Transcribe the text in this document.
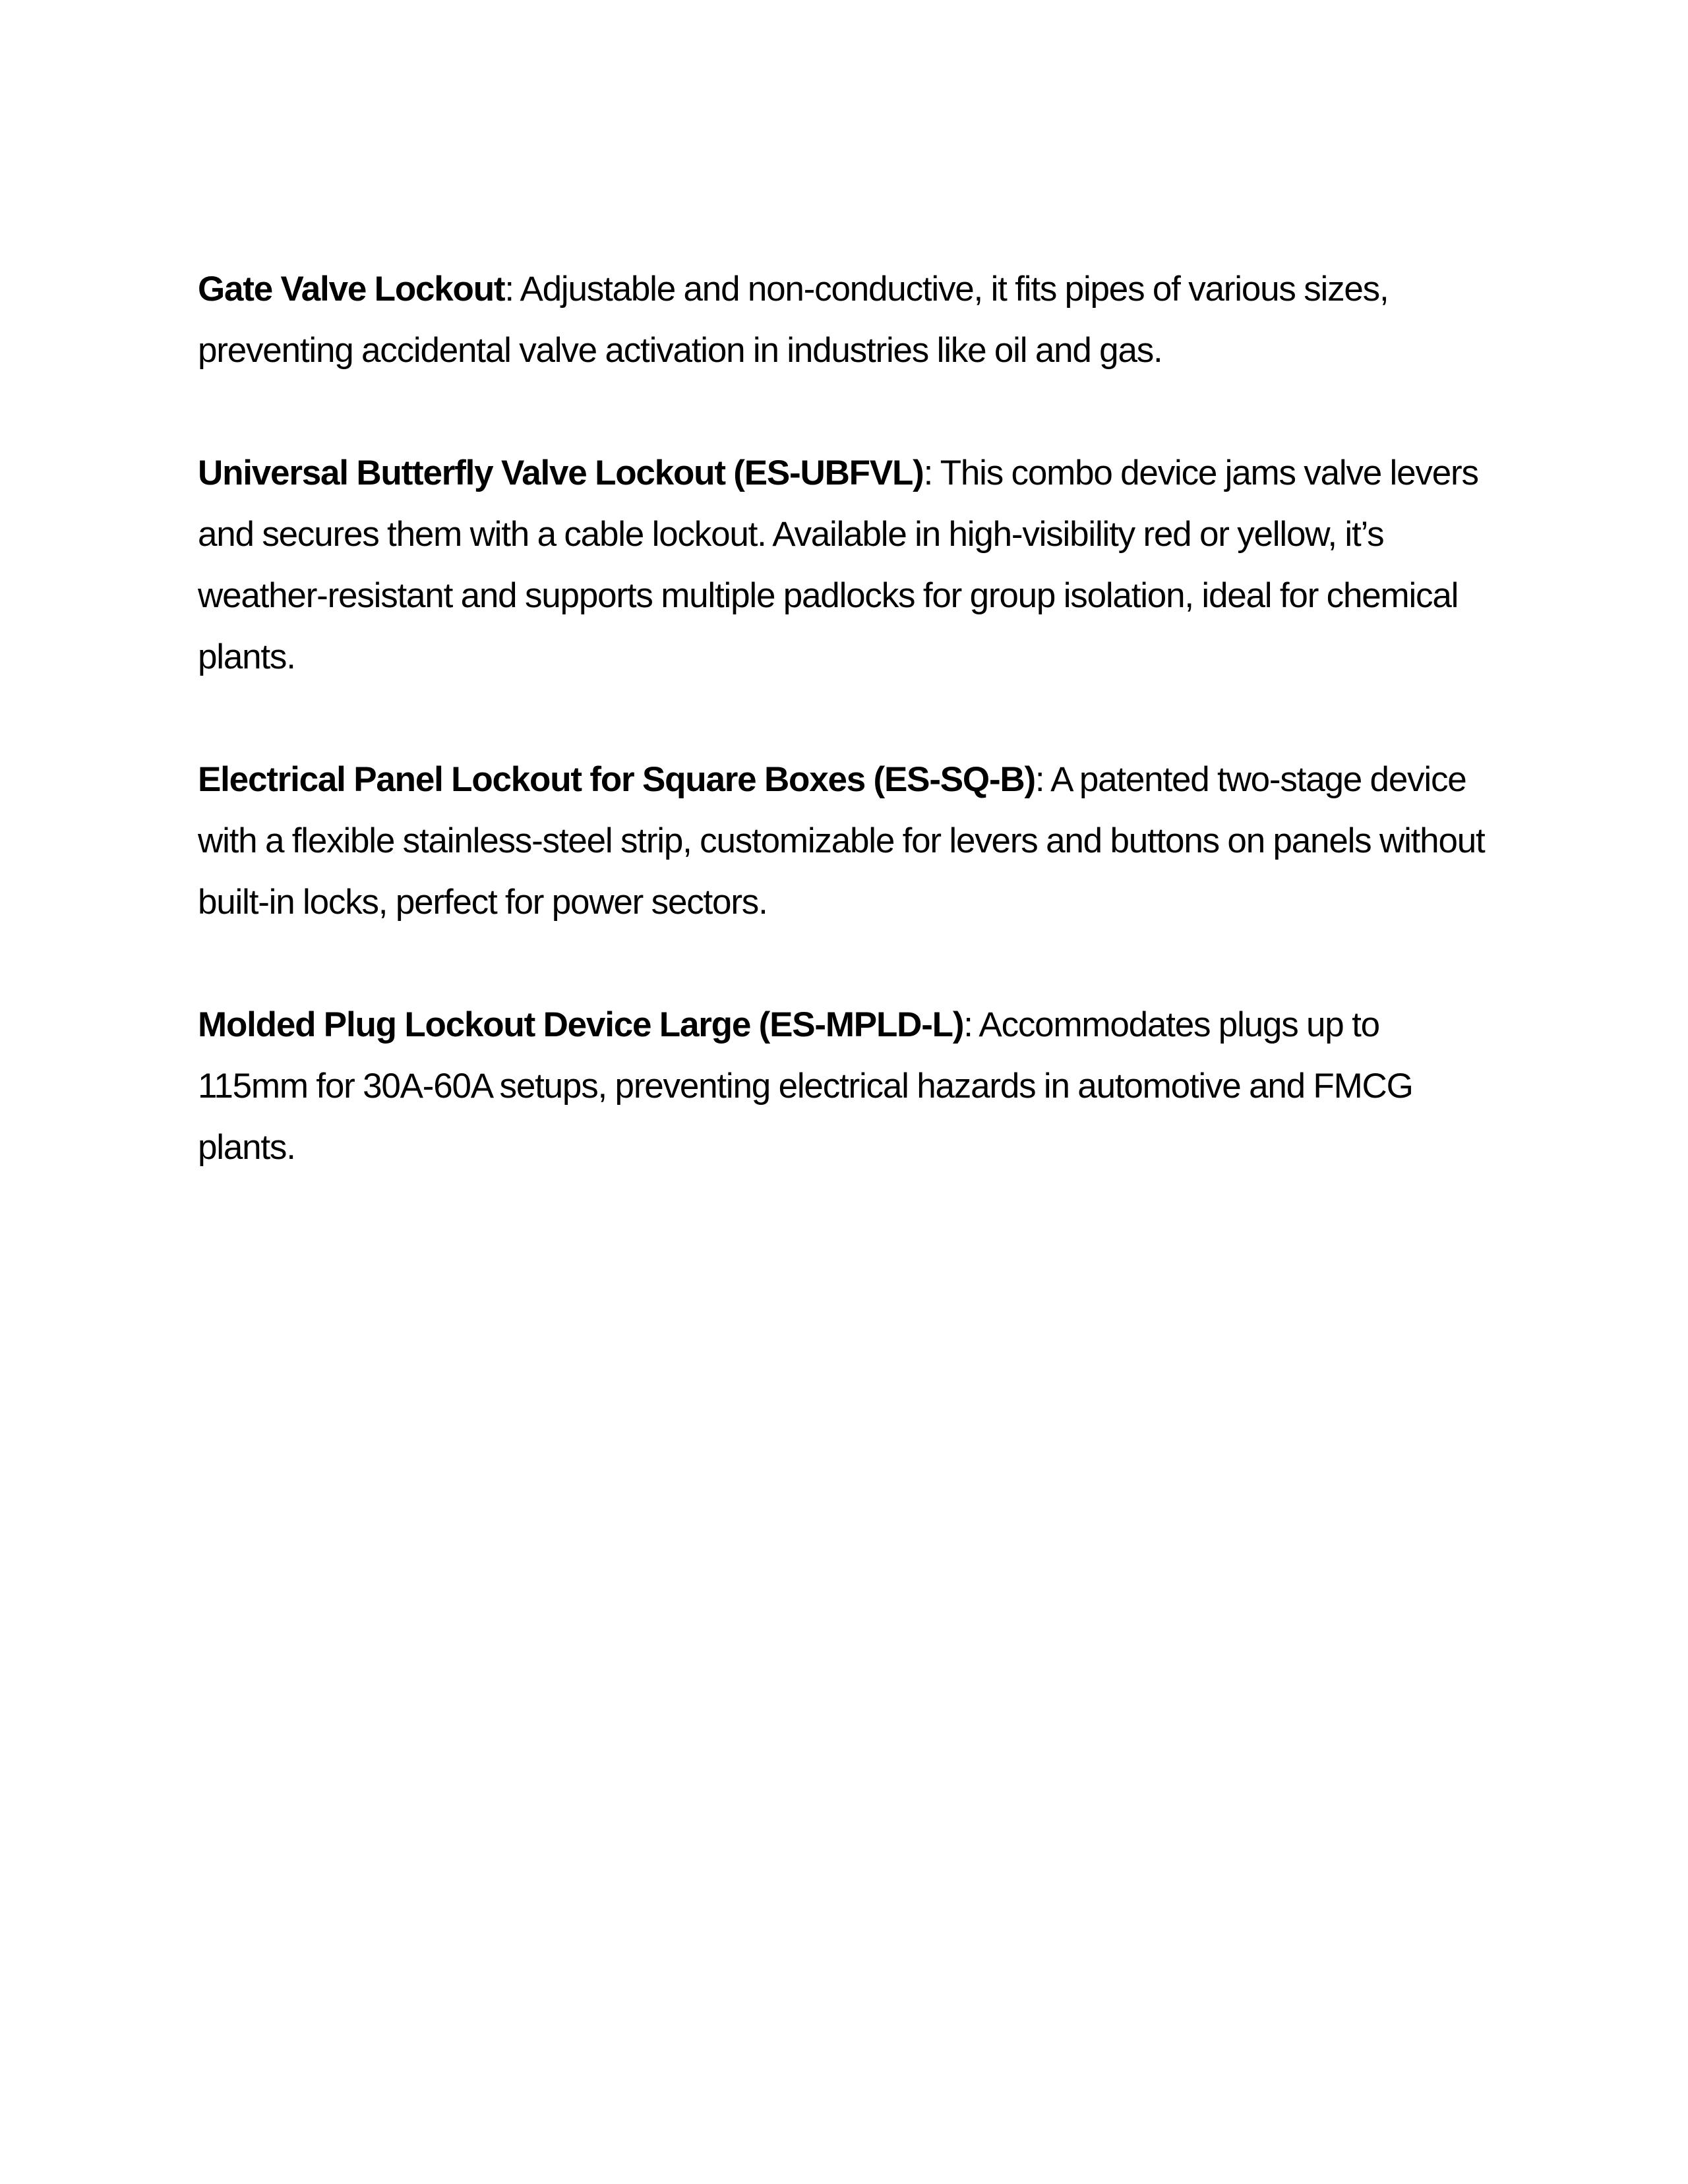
Gate Valve Lockout: Adjustable and non-conductive, it fits pipes of various sizes, preventing accidental valve activation in industries like oil and gas.

Universal Butterfly Valve Lockout (ES-UBFVL): This combo device jams valve levers and secures them with a cable lockout. Available in high-visibility red or yellow, it’s weather-resistant and supports multiple padlocks for group isolation, ideal for chemical plants.

Electrical Panel Lockout for Square Boxes (ES-SQ-B): A patented two-stage device with a flexible stainless-steel strip, customizable for levers and buttons on panels without built-in locks, perfect for power sectors.

Molded Plug Lockout Device Large (ES-MPLD-L): Accommodates plugs up to 115mm for 30A-60A setups, preventing electrical hazards in automotive and FMCG plants.
